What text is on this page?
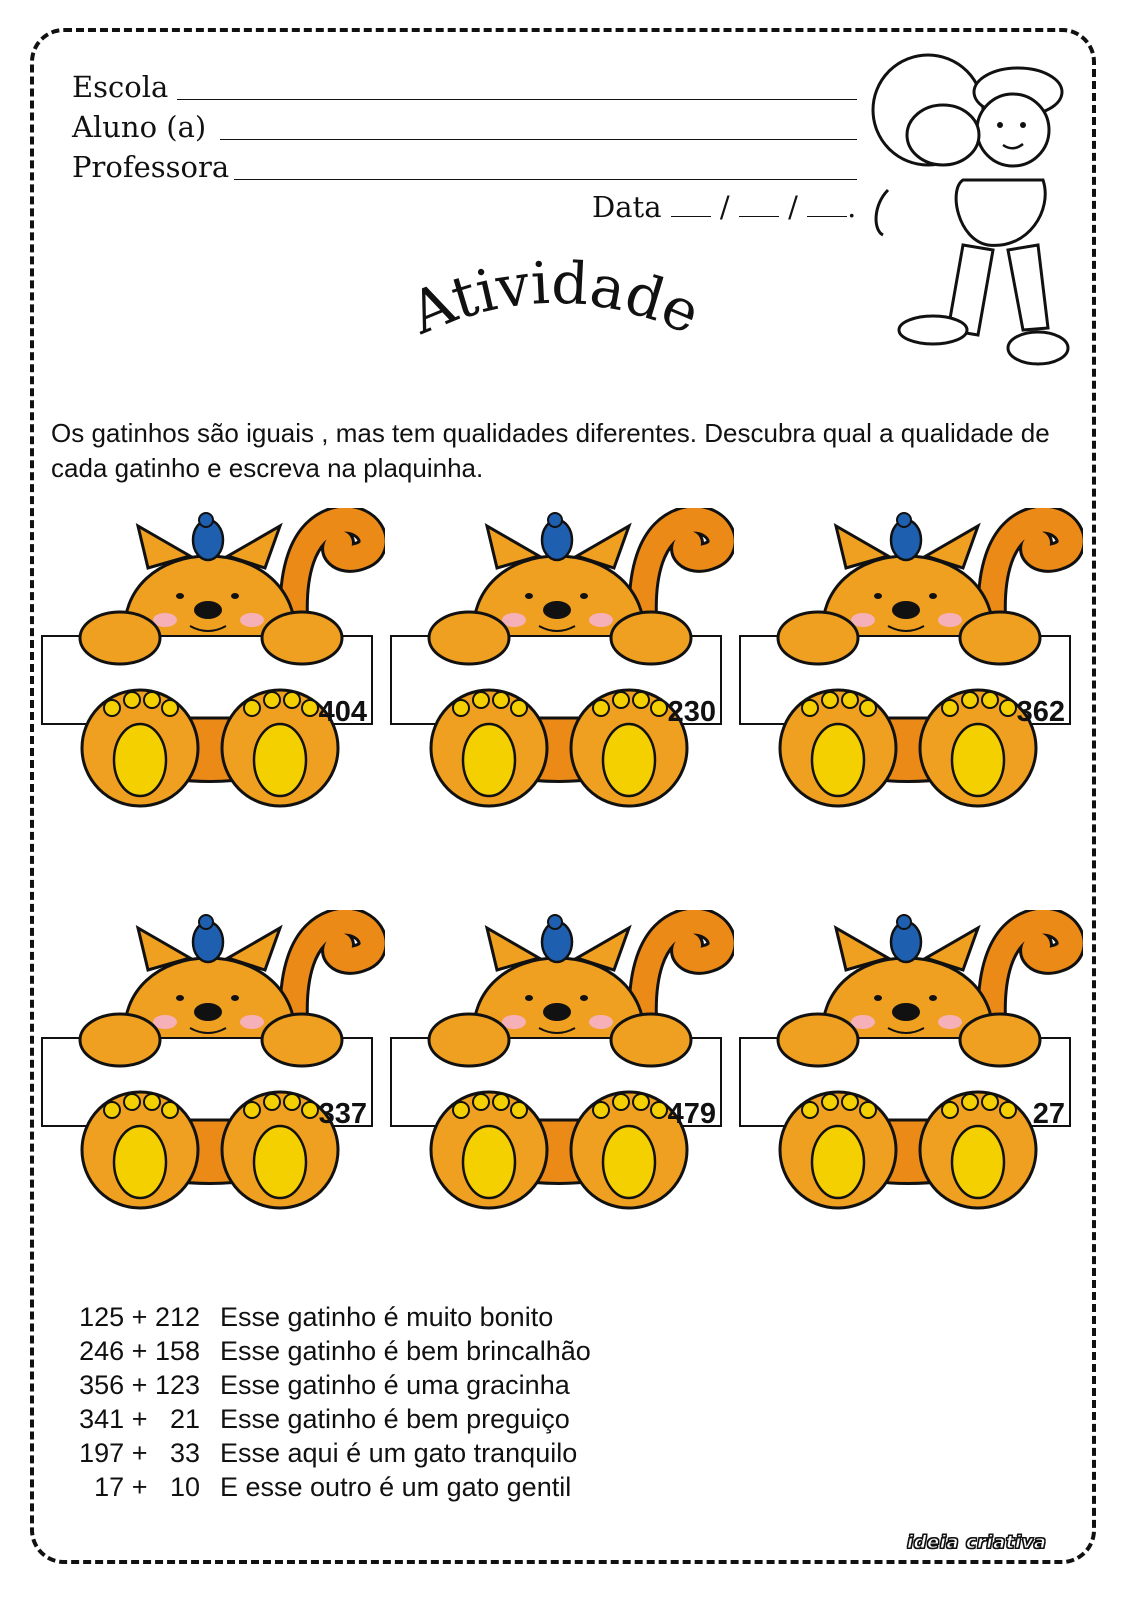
Escola
Aluno (a)
Professora
Data / / .
Atividade
Os gatinhos são iguais , mas tem qualidades diferentes. Descubra qual a qualidade de cada gatinho e escreva na plaquinha.
404	230	362
337	479	27
125 + 212 Esse gatinho é muito bonito
246 + 158 Esse gatinho é bem brincalhão
356 + 123 Esse gatinho é uma gracinha
341 +   21 Esse gatinho é bem preguiço
197 +   33 Esse aqui é um gato tranquilo
17 +   10 E esse outro é um gato gentil
ideia criativa
